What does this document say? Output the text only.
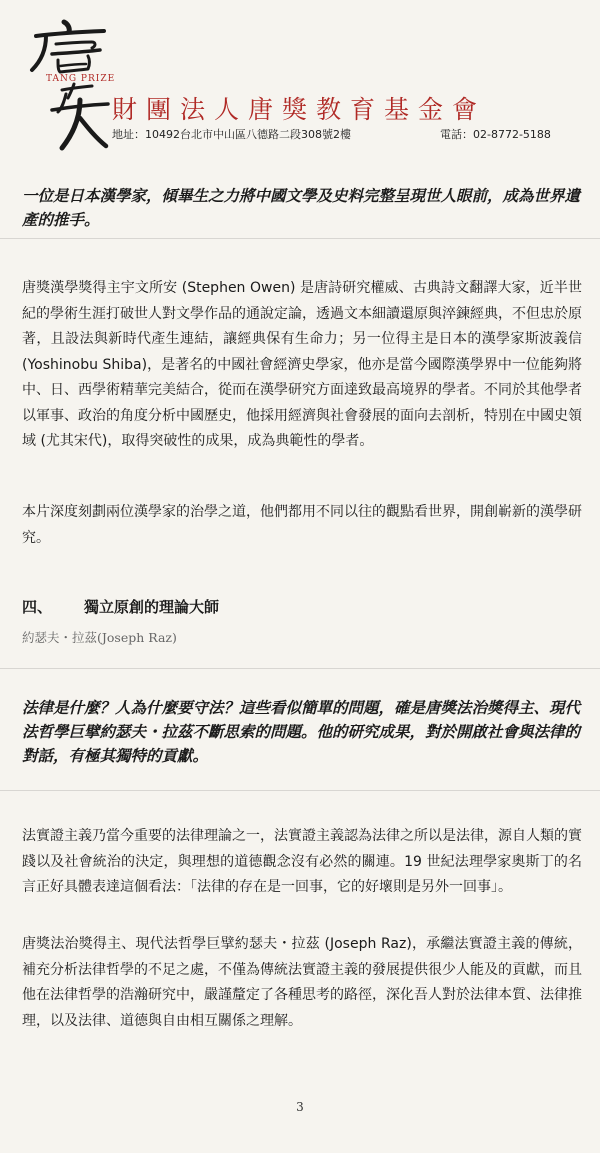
TANG PRIZE
財團法人唐獎教育基金會
地址：10492台北市中山區八德路二段308號2樓	電話：02-8772-5188

一位是日本漢學家，傾畢生之力將中國文學及史料完整呈現世人眼前，成為世界遺產的推手。

唐獎漢學獎得主宇文所安 (Stephen Owen) 是唐詩研究權威、古典詩文翻譯大家，近半世紀的學術生涯打破世人對文學作品的通說定論，透過文本細讀還原與淬鍊經典，不但忠於原著，且設法與新時代產生連結，讓經典保有生命力；另一位得主是日本的漢學家斯波義信 (Yoshinobu Shiba)，是著名的中國社會經濟史學家，他亦是當今國際漢學界中一位能夠將中、日、西學術精華完美結合，從而在漢學研究方面達致最高境界的學者。不同於其他學者以軍事、政治的角度分析中國歷史，他採用經濟與社會發展的面向去剖析，特別在中國史領域 (尤其宋代)，取得突破性的成果，成為典範性的學者。

本片深度刻劃兩位漢學家的治學之道，他們都用不同以往的觀點看世界，開創嶄新的漢學研究。

四、 獨立原創的理論大師
約瑟夫・拉茲(Joseph Raz)

法律是什麼？人為什麼要守法？這些看似簡單的問題，確是唐獎法治獎得主、現代法哲學巨擘約瑟夫・拉茲不斷思索的問題。他的研究成果，對於開啟社會與法律的對話，有極其獨特的貢獻。

法實證主義乃當今重要的法律理論之一，法實證主義認為法律之所以是法律，源自人類的實踐以及社會統治的決定，與理想的道德觀念沒有必然的關連。19 世紀法理學家奧斯丁的名言正好具體表達這個看法：「法律的存在是一回事，它的好壞則是另外一回事」。

唐獎法治獎得主、現代法哲學巨擘約瑟夫・拉茲 (Joseph Raz)，承繼法實證主義的傳統，補充分析法律哲學的不足之處，不僅為傳統法實證主義的發展提供很少人能及的貢獻，而且他在法律哲學的浩瀚研究中，嚴謹釐定了各種思考的路徑，深化吾人對於法律本質、法律推理，以及法律、道德與自由相互關係之理解。

3
